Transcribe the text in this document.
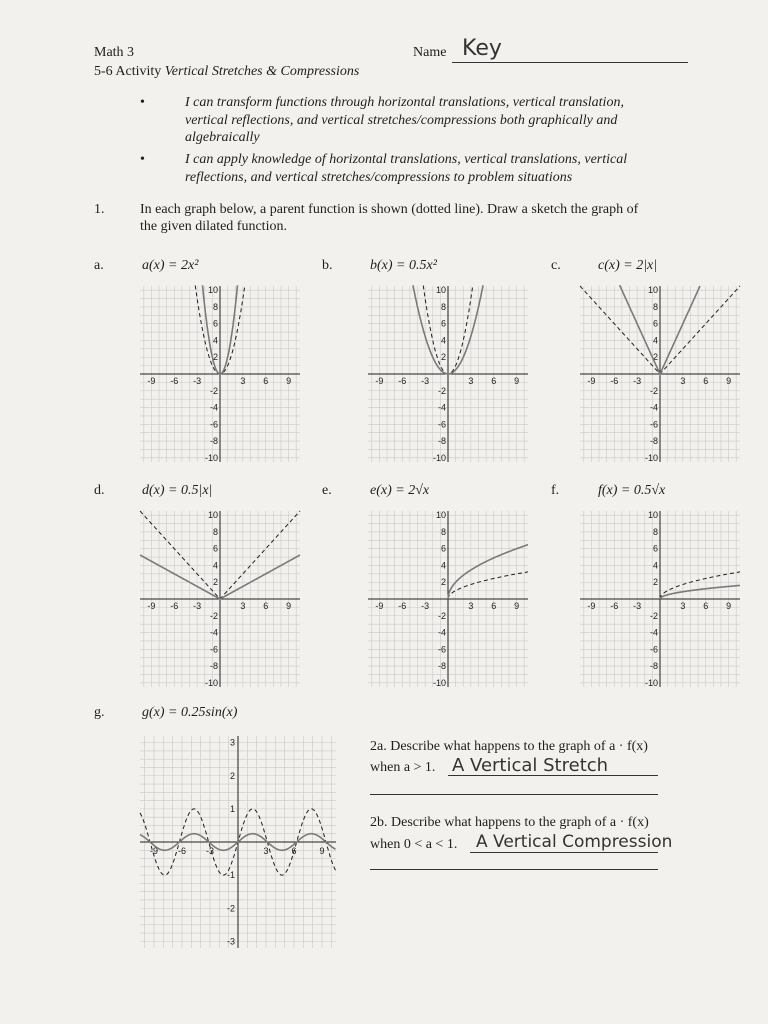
Math 3
5-6 Activity Vertical Stretches & Compressions
Name Key
•	I can transform functions through horizontal translations, vertical translation,
vertical reflections, and vertical stretches/compressions both graphically and
algebraically
•	I can apply knowledge of horizontal translations, vertical translations, vertical
reflections, and vertical stretches/compressions to problem situations
1.	In each graph below, a parent function is shown (dotted line). Draw a sketch the graph of
the given dilated function.
a.	a(x) = 2x²	b.	b(x) = 0.5x²	c.	c(x) = 2|x|
d.	d(x) = 0.5|x|	e.	e(x) = 2√x	f.	f(x) = 0.5√x
g.	g(x) = 0.25sin(x)
-9 -6 -3	3 6 9
10
8
6
4
2
-2
-4
-6
-8
-10
-9 -6 -3	3 6 9
10
8
6
4
2
-2
-4
-6
-8
-10
-9 -6 -3	3 6 9
10
8
6
4
2
-2
-4
-6
-8
-10
-9 -6 -3	3 6 9
10
8
6
4
2
-2
-4
-6
-8
-10
-9 -6 -3	3 6 9
10
8
6
4
2
-2
-4
-6
-8
-10
-9 -6 -3	3 6 9
10
8
6
4
2
-2
-4
-6
-8
-10
-9 -6 -3	3	6	9
3
2
1
-1
-2
-3
2a. Describe what happens to the graph of a · f(x)
when a > 1. A Vertical Stretch
2b. Describe what happens to the graph of a · f(x)
when 0 < a < 1. A Vertical Compression
